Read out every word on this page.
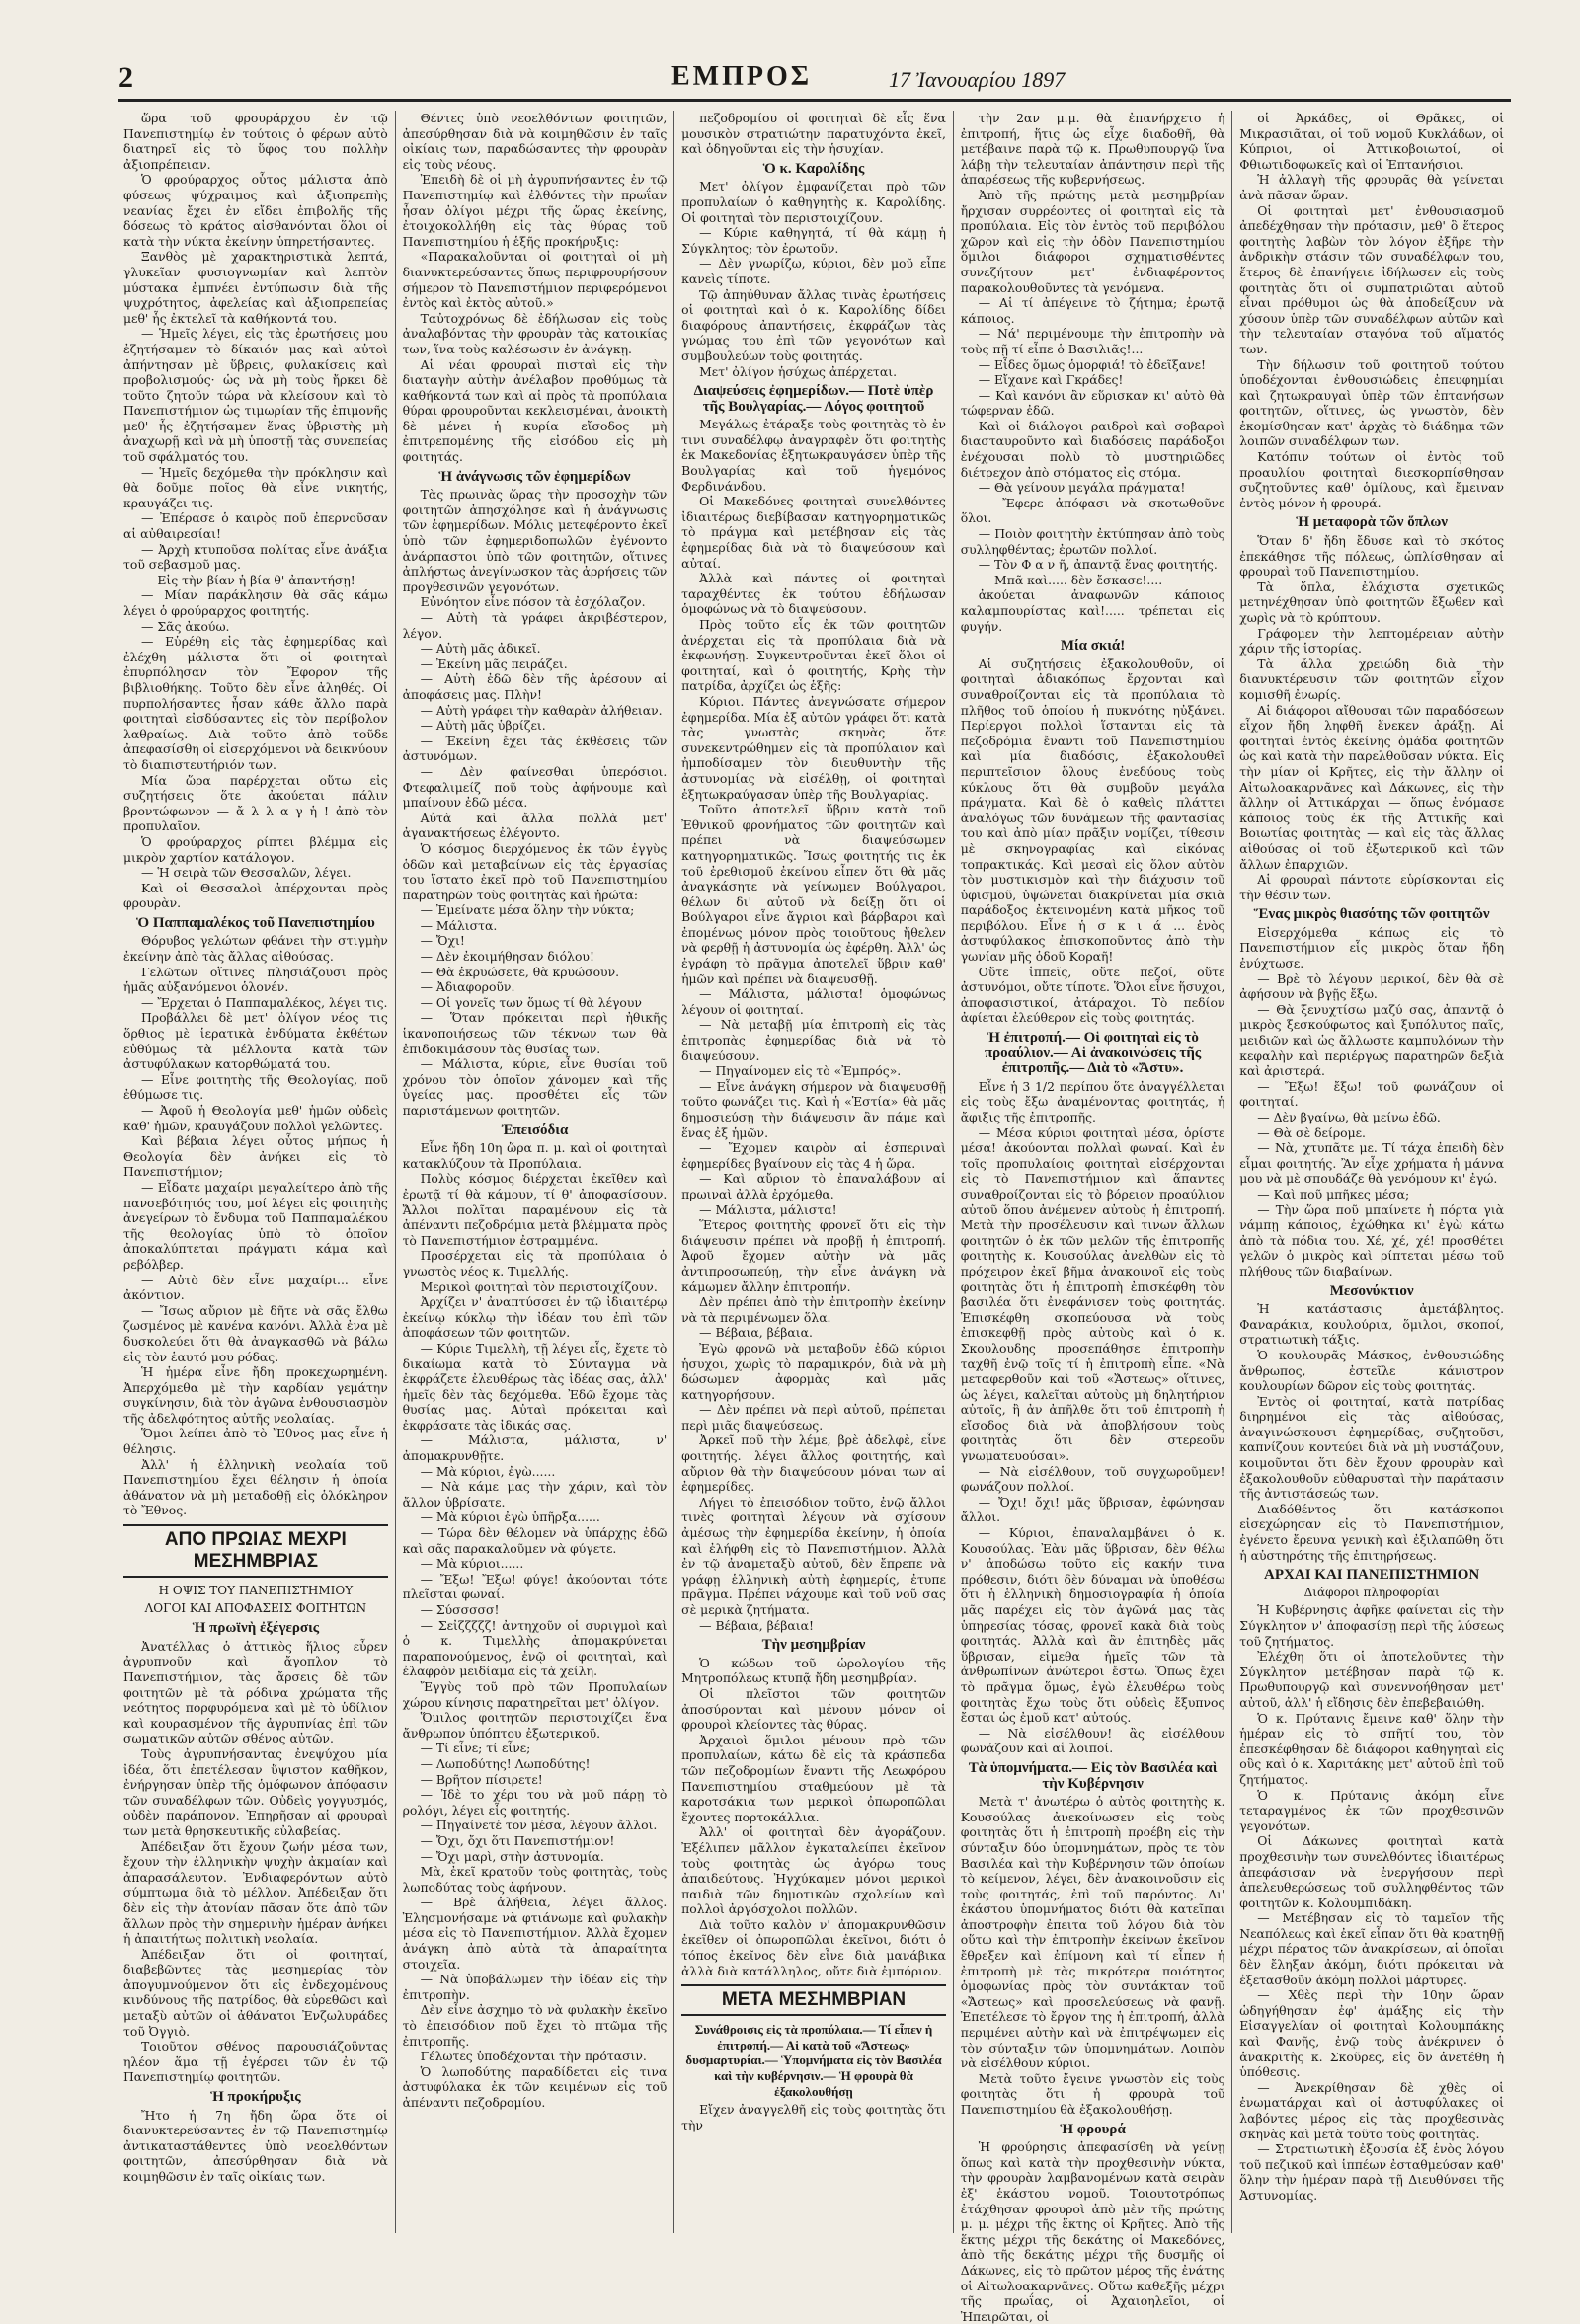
2	ΕΜΠΡΟΣ	17 Ἰανουαρίου 1897

ὥρα τοῦ φρουράρχου ἐν τῷ Πανεπιστημίῳ ἐν τούτοις ὁ φέρων αὐτὸ διατηρεῖ εἰς τὸ ὕφος του πολλὴν ἀξιοπρέπειαν.

Ὁ φρούραρχος οὗτος μάλιστα ἀπὸ φύσεως ψύχραιμος καὶ ἀξιοπρεπὴς νεανίας ἔχει ἐν εἴδει ἐπιβολῆς τῆς δόσεως τὸ κράτος αἰσθανόνται ὅλοι οἱ κατὰ τὴν νύκτα ἐκείνην ὑπηρετήσαντες.

Ξανθὸς μὲ χαρακτηριστικὰ λεπτά, γλυκεῖαν φυσιογνωμίαν καὶ λεπτὸν μύστακα ἐμπνέει ἐντύπωσιν διὰ τῆς ψυχρότητος, ἀφελείας καὶ ἀξιοπρεπείας μεθ' ἧς ἐκτελεῖ τὰ καθήκοντά του.

— Ἡμεῖς λέγει, εἰς τὰς ἐρωτήσεις μου ἐζητήσαμεν τὸ δίκαιόν μας καὶ αὐτοὶ ἀπήντησαν μὲ ὕβρεις, φυλακίσεις καὶ προβολισμούς· ὡς νὰ μὴ τοὺς ἤρκει δὲ τοῦτο ζητοῦν τώρα νὰ κλείσουν καὶ τὸ Πανεπιστήμιον ὡς τιμωρίαν τῆς ἐπιμονῆς μεθ' ἧς ἐζητήσαμεν ἕνας ὑβριστὴς μὴ ἀναχωρῇ καὶ νὰ μὴ ὑποστῇ τὰς συνεπείας τοῦ σφάλματός του.

— Ἡμεῖς δεχόμεθα τὴν πρόκλησιν καὶ θὰ δοῦμε ποῖος θὰ εἶνε νικητής, κραυγάζει τις.

— Ἐπέρασε ὁ καιρὸς ποῦ ἐπερνοῦσαν αἱ αὐθαιρεσίαι!

— Ἀρχὴ κτυποῦσα πολίτας εἶνε ἀνάξια τοῦ σεβασμοῦ μας.

— Εἰς τὴν βίαν ἡ βία θ' ἀπαντήσῃ!

— Μίαν παράκλησιν θὰ σᾶς κάμω λέγει ὁ φρούραρχος φοιτητής.

— Σᾶς ἀκούω.

— Εὑρέθη εἰς τὰς ἐφημερίδας καὶ ἐλέχθη μάλιστα ὅτι οἱ φοιτηταὶ ἐπυρπόλησαν τὸν Ἔφορον τῆς βιβλιοθήκης. Τοῦτο δὲν εἶνε ἀληθές. Οἱ πυρπολήσαντες ἦσαν κάθε ἄλλο παρὰ φοιτηταὶ εἰσδύσαντες εἰς τὸν περίβολον λαθραίως. Διὰ τοῦτο ἀπὸ τοῦδε ἀπεφασίσθη οἱ εἰσερχόμενοι νὰ δεικνύουν τὸ διαπιστευτήριόν των.

Μία ὥρα παρέρχεται οὕτω εἰς συζητήσεις ὅτε ἀκούεται πάλιν βροντώφωνον — ἄ λ λ α γ ἡ ! ἀπὸ τὸν προπυλαῖον.

Ὁ φρούραρχος ρίπτει βλέμμα εἰς μικρὸν χαρτίον κατάλογον.

— Ἡ σειρὰ τῶν Θεσσαλῶν, λέγει.

Καὶ οἱ Θεσσαλοὶ ἀπέρχονται πρὸς φρουρὰν.

Ὁ Παππαμαλέκος τοῦ Πανεπιστημίου

Θόρυβος γελώτων φθάνει τὴν στιγμὴν ἐκείνην ἀπὸ τὰς ἄλλας αἰθούσας.

Γελῶτων οἵτινες πλησιάζουσι πρὸς ἡμᾶς αὐξανόμενοι ὁλονέν.

— Ἔρχεται ὁ Παππαμαλέκος, λέγει τις.

Προβάλλει δὲ μετ' ὀλίγον νέος τις ὅρθιος μὲ ἱερατικὰ ἐνδύματα ἐκθέτων εὐθύμως τὰ μέλλοντα κατὰ τῶν ἀστυφύλακων κατορθώματά του.

— Εἶνε φοιτητὴς τῆς Θεολογίας, ποῦ ἐθύμωσε τις.

— Ἀφοῦ ἡ Θεολογία μεθ' ἡμῶν οὐδεὶς καθ' ἡμῶν, κραυγάζουν πολλοὶ γελῶντες.

Καὶ βέβαια λέγει οὗτος μήπως ἡ Θεολογία δὲν ἀνήκει εἰς τὸ Πανεπιστήμιον;

— Εἶδατε μαχαίρι μεγαλείτερο ἀπὸ τῆς πανσεβότητός του, μοί λέγει εἰς φοιτητὴς ἀνεγείρων τὸ ἔνδυμα τοῦ Παππαμαλέκου τῆς θεολογίας ὑπὸ τὸ ὁποῖον ἀποκαλύπτεται πράγματι κάμα καὶ ρεβόλβερ.

— Αὐτὸ δὲν εἶνε μαχαίρι... εἶνε ἀκόντιον.

— Ἴσως αὔριον μὲ δῆτε νὰ σᾶς ἔλθω ζωσμένος μὲ κανένα κανόνι. Ἀλλὰ ἐνα μὲ δυσκολεύει ὅτι θὰ ἀναγκασθῶ νὰ βάλω εἰς τὸν ἑαυτό μου ρόδας.

Ἡ ἡμέρα εἶνε ἤδη προκεχωρημένη. Ἀπερχόμεθα μὲ τὴν καρδίαν γεμάτην συγκίνησιν, διὰ τὸν ἀγῶνα ἐνθουσιασμὸν τῆς ἀδελφότητος αὐτῆς νεολαίας.

Ὅμοι λείπει ἀπὸ τὸ Ἔθνος μας εἶνε ἡ θέλησις.

Ἀλλ' ἡ ἑλληνικὴ νεολαία τοῦ Πανεπιστημίου ἔχει θέλησιν ἡ ὁποία ἀθάνατον νὰ μὴ μεταδοθῇ εἰς ὁλόκληρον τὸ Ἔθνος.

ΑΠΟ ΠΡΩΙΑΣ ΜΕΧΡΙ ΜΕΣΗΜΒΡΙΑΣ
Η ΟΨΙΣ ΤΟΥ ΠΑΝΕΠΙΣΤΗΜΙΟΥ
ΛΟΓΟΙ ΚΑΙ ΑΠΟΦΑΣΕΙΣ ΦΟΙΤΗΤΩΝ
Ἡ πρωϊνὴ ἐξέγερσις

Ἀνατέλλας ὁ ἀττικὸς ἥλιος εὗρεν ἀγρυπνοῦν καὶ ἄγοπλον τὸ Πανεπιστήμιον, τὰς ἄρσεις δὲ τῶν φοιτητῶν μὲ τὰ ρόδινα χρώματα τῆς νεότητος πορφυρόμενα καὶ μὲ τὸ ὑδίλιον καὶ κουρασμένον τῆς ἀγρυπνίας ἐπὶ τῶν σωματικῶν αὐτῶν σθένος αὐτῶν.

Τοὺς ἀγρυπνήσαντας ἐνεψύχου μία ἰδέα, ὅτι ἐπετέλεσαν ὕψιστον καθῆκον, ἐνήργησαν ὑπὲρ τῆς ὁμόφωνον ἀπόφασιν τῶν συναδέλφων τῶν. Οὐδεὶς γογγυσμός, οὐδὲν παράπονον. Ἐπηρῆσαν αἱ φρουραὶ των μετὰ θρησκευτικῆς εὐλαβείας.

Ἀπέδειξαν ὅτι ἔχουν ζωήν μέσα των, ἔχουν τὴν ἑλληνικὴν ψυχὴν ἀκμαίαν καὶ ἀπαρασάλευτον. Ἐνδιαφερόντων αὐτὸ σύμπτωμα διὰ τὸ μέλλον. Ἀπέδειξαν ὅτι δὲν εἰς τὴν ἀτονίαν πᾶσαν ὅτε ἀπὸ τῶν ἄλλων πρὸς τὴν σημερινὴν ἡμέραν ἀνήκει ἡ ἀπαιτήτως πολιτικὴ νεολαία.

Ἀπέδειξαν ὅτι οἱ φοιτηταί, διαβεβῶντες τὰς μεσημερίας τὸν ἀπογυμνούμενον ὅτι εἰς ἐνδεχομένους κινδύνους τῆς πατρίδος, θὰ εὑρεθῶσι καὶ μεταξὺ αὐτῶν οἱ ἀθάνατοι Ἐνζωλυράδες τοῦ Ὀγγιὸ.

Τοιοῦτον σθένος παρουσιάζοῦντας ηλέον ἅμα τῇ ἐγέρσει τῶν ἐν τῷ Πανεπιστημίῳ φοιτητῶν.

Ἡ προκήρυξις

Ἤτο ἡ 7η ἤδη ὥρα ὅτε οἱ διανυκτερεύσαντες ἐν τῷ Πανεπιστημίῳ ἀντικαταστάθεντες ὑπὸ νεοελθόντων φοιτητῶν, ἀπεσύρθησαν διὰ νὰ κοιμηθῶσιν ἐν ταῖς οἰκίαις των.

Θέντες ὑπὸ νεοελθόντων φοιτητῶν, ἀπεσύρθησαν διὰ νὰ κοιμηθῶσιν ἐν ταῖς οἰκίαις των, παραδώσαντες τὴν φρουρὰν εἰς τοὺς νέους.

Ἐπειδὴ δὲ οἱ μὴ ἀγρυπνήσαντες ἐν τῷ Πανεπιστημίῳ καὶ ἐλθόντες τὴν πρωΐαν ἦσαν ὀλίγοι μέχρι τῆς ὥρας ἐκείνης, ἐτοιχοκολλήθη εἰς τὰς θύρας τοῦ Πανεπιστημίου ἡ ἑξῆς προκήρυξις:

«Παρακαλοῦνται οἱ φοιτηταὶ οἱ μὴ διανυκτερεύσαντες ὅπως περιφρουρήσουν σήμερον τὸ Πανεπιστήμιον περιφερόμενοι ἐντὸς καὶ ἐκτὸς αὐτοῦ.»

Ταὐτοχρόνως δὲ ἐδήλωσαν εἰς τοὺς ἀναλαβόντας τὴν φρουρὰν τὰς κατοικίας των, ἵνα τοὺς καλέσωσιν ἐν ἀνάγκῃ.

Αἱ νέαι φρουραὶ πισταὶ εἰς τὴν διαταγὴν αὐτὴν ἀνέλαβον προθύμως τὰ καθήκοντά των καὶ αἱ πρὸς τὰ προπύλαια θύραι φρουροῦνται κεκλεισμέναι, ἀνοικτὴ δὲ μένει ἡ κυρία εἴσοδος μὴ ἐπιτρεπομένης τῆς εἰσόδου εἰς μὴ φοιτητάς.

Ἡ ἀνάγνωσις τῶν ἐφημερίδων

Τὰς πρωινὰς ὥρας τὴν προσοχὴν τῶν φοιτητῶν ἀπησχόλησε καὶ ἡ ἀνάγνωσις τῶν ἐφημερίδων. Μόλις μετεφέροντο ἐκεῖ ὑπὸ τῶν ἐφημεριδοπωλῶν ἐγένοντο ἀνάρπαστοι ὑπὸ τῶν φοιτητῶν, οἵτινες ἀπλήστως ἀνεγίνωσκον τὰς ἀρρήσεις τῶν προγθεσινῶν γεγονότων.

Εὐνόητον εἶνε πόσον τὰ ἐσχόλαζον.

— Αὐτὴ τὰ γράφει ἀκριβέστερον, λέγον.

— Αὐτὴ μᾶς ἀδικεῖ.

— Ἐκείνη μᾶς πειράζει.

— Αὐτὴ ἐδῶ δὲν τῆς ἀρέσουν αἱ ἀποφάσεις μας. Πλὴν!

— Αὐτὴ γράφει τὴν καθαρὰν ἀλήθειαν.

— Αὐτὴ μᾶς ὑβρίζει.

— Ἐκείνη ἔχει τὰς ἐκθέσεις τῶν ἀστυνόμων.

— Δὲν φαίνεσθαι ὑπερόσιοι. Φτεφαλιμείζ ποῦ τοὺς ἀφήνουμε καὶ μπαίνουν ἐδῶ μέσα.

Αὐτὰ καὶ ἄλλα πολλὰ μετ' ἀγανακτήσεως ἐλέγοντο.

Ὁ κόσμος διερχόμενος ἐκ τῶν ἐγγὺς ὁδῶν καὶ μεταβαίνων εἰς τὰς ἐργασίας του ἵστατο ἐκεῖ πρὸ τοῦ Πανεπιστημίου παρατηρῶν τοὺς φοιτητὰς καὶ ἠρώτα:

— Ἐμείνατε μέσα ὅλην τὴν νύκτα;

— Μάλιστα.

— Ὄχι!

— Δὲν ἐκοιμήθησαν διόλου!

— Θὰ ἐκρυώσετε, θὰ κρυώσουν.

— Ἀδιαφοροῦν.

— Οἱ γονεῖς των ὅμως τί θὰ λέγουν

— Ὅταν πρόκειται περὶ ἠθικῆς ἱκανοποιήσεως τῶν τέκνων των θὰ ἐπιδοκιμάσουν τὰς θυσίας των.

— Μάλιστα, κύριε, εἶνε θυσίαι τοῦ χρόνου τὸν ὁποῖον χάνομεν καὶ τῆς ὑγείας μας. προσθέτει εἷς τῶν παριστάμενων φοιτητῶν.

Ἐπεισόδια

Εἶνε ἤδη 10η ὥρα π. μ. καὶ οἱ φοιτηταὶ κατακλύζουν τὰ Προπύλαια.

Πολὺς κόσμος διέρχεται ἐκεῖθεν καὶ ἐρωτᾷ τί θὰ κάμουν, τί θ' ἀποφασίσουν. Ἄλλοι πολῖται παραμένουν εἰς τὰ ἀπέναντι πεζοδρόμια μετὰ βλέμματα πρὸς τὸ Πανεπιστήμιον ἐστραμμένα.

Προσέρχεται εἰς τὰ προπύλαια ὁ γνωστὸς νέος κ. Τιμελλής.

Μερικοὶ φοιτηταὶ τὸν περιστοιχίζουν.

Ἀρχίζει ν' ἀναπτύσσει ἐν τῷ ἰδιαιτέρῳ ἐκείνῳ κύκλῳ τὴν ἰδέαν του ἐπὶ τῶν ἀποφάσεων τῶν φοιτητῶν.

— Κύριε Τιμελλὴ, τῇ λέγει εἷς, ἔχετε τὸ δικαίωμα κατὰ τὸ Σύνταγμα νὰ ἐκφράζετε ἐλευθέρως τὰς ἰδέας σας, ἀλλ' ἡμεῖς δὲν τὰς δεχόμεθα. Ἐδῶ ἔχομε τὰς θυσίας μας. Αὐταὶ πρόκειται καὶ ἐκφράσατε τὰς ἰδικάς σας.

— Μάλιστα, μάλιστα, ν' ἀπομακρυνθῇτε.

— Μὰ κύριοι, ἐγὼ......

— Νὰ κάμε μας τὴν χάριν, καὶ τὸν ἄλλον ὑβρίσατε.

— Μὰ κύριοι ἐγὼ ὑπῆρξα......

— Τώρα δὲν θέλομεν νὰ ὑπάρχῃς ἐδῶ καὶ σᾶς παρακαλοῦμεν νὰ φύγετε.

— Μὰ κύριοι......

— Ἔξω! Ἔξω! φύγε! ἀκούονται τότε πλεῖσται φωναί.

— Σύσσσσσ!

— Σεἰζζζζζ! ἀντηχοῦν οἱ συριγμοὶ καὶ ὁ κ. Τιμελλὴς ἀπομακρύνεται παραπονούμενος, ἐνῷ οἱ φοιτηταὶ, καὶ ἐλαφρὸν μειδίαμα εἰς τὰ χείλη.

Ἔγγὺς τοῦ πρὸ τῶν Προπυλαίων χώρου κίνησις παρατηρεῖται μετ' ὀλίγον.

Ὅμιλος φοιτητῶν περιστοιχίζει ἕνα ἄνθρωπον ὑπόπτου ἐξωτερικοῦ.

— Τί εἶνε; τί εἶνε;

— Λωποδύτης! Λωποδύτης!

— Βρῆτον πίσιρετε!

— Ἰδὲ το χέρι του νὰ μοῦ πάρῃ τὸ ρολόγι, λέγει εἷς φοιτητής.

— Πηγαίνετέ τον μέσα, λέγουν ἄλλοι.

— Ὄχι, ὄχι ὅτι Πανεπιστήμιον!

— Ὄχι μαρὶ, στὴν ἀστυνομία.

Μὰ, ἐκεῖ κρατοῦν τοὺς φοιτητὰς, τοὺς λωποδύτας τοὺς ἀφήνουν.

— Βρὲ ἀλήθεια, λέγει ἄλλος. Ἐλησμονήσαμε νὰ φτιάνωμε καὶ φυλακὴν μέσα εἰς τὸ Πανεπιστήμιον. Ἀλλὰ ἔχομεν ἀνάγκη ἀπὸ αὐτὰ τὰ ἀπαραίτητα στοιχεῖα.

— Νὰ ὑποβάλωμεν τὴν ἰδέαν εἰς τὴν ἐπιτροπὴν.

Δὲν εἶνε ἀσχημο τὸ νὰ φυλακὴν ἐκεῖνο τὸ ἐπεισόδιον ποῦ ἔχει τὸ πτῶμα τῆς ἐπιτροπῆς.

Γέλωτες ὑποδέχονται τὴν πρότασιν.

Ὁ λωποδύτης παραδίδεται εἰς τινα ἀστυφύλακα ἐκ τῶν κειμένων εἰς τοῦ ἀπέναντι πεζοδρομίου.

πεζοδρομίου οἱ φοιτηταὶ δὲ εἷς ἕνα μουσικὸν στρατιώτην παρατυχόντα ἐκεῖ, καὶ ὁδηγοῦνται εἰς τὴν ἡσυχίαν.

Ὁ κ. Καρολίδης

Μετ' ὀλίγον ἐμφανίζεται πρὸ τῶν προπυλαίων ὁ καθηγητὴς κ. Καρολίδης. Οἱ φοιτηταὶ τὸν περιστοιχίζουν.

— Κύριε καθηγητά, τί θὰ κάμῃ ἡ Σύγκλητος; τὸν ἐρωτοῦν.

— Δὲν γνωρίζω, κύριοι, δὲν μοῦ εἶπε κανεὶς τίποτε.

Τῷ ἀπηύθυναν ἄλλας τινὰς ἐρωτήσεις οἱ φοιτηταὶ καὶ ὁ κ. Καρολίδης δίδει διαφόρους ἀπαντήσεις, ἐκφράζων τὰς γνώμας του ἐπὶ τῶν γεγονότων καὶ συμβουλεύων τοὺς φοιτητάς.

Μετ' ὀλίγον ἡσύχως ἀπέρχεται.

Διαψεύσεις ἐφημερίδων.— Ποτὲ ὑπὲρ τῆς Βουλγαρίας.— Λόγος φοιτητοῦ

Μεγάλως ἐτάραξε τοὺς φοιτητὰς τὸ ἐν τινι συναδέλφῳ ἀναγραφὲν ὅτι φοιτητὴς ἐκ Μακεδονίας ἐξητωκραυγάσεν ὑπὲρ τῆς Βουλγαρίας καὶ τοῦ ἡγεμόνος Φερδινάνδου.

Οἱ Μακεδόνες φοιτηταὶ συνελθόντες ἰδιαιτέρως διεβίβασαν κατηγορηματικῶς τὸ πράγμα καὶ μετέβησαν εἰς τὰς ἐφημερίδας διὰ νὰ τὸ διαψεύσουν καὶ αὐταί.

Ἀλλὰ καὶ πάντες οἱ φοιτηταὶ ταραχθέντες ἐκ τούτου ἐδήλωσαν ὁμοφώνως νὰ τὸ διαψεύσουν.

Πρὸς τοῦτο εἷς ἐκ τῶν φοιτητῶν ἀνέρχεται εἰς τὰ προπύλαια διὰ νὰ ἐκφωνήσῃ. Συγκεντροῦνται ἐκεῖ ὅλοι οἱ φοιτηταί, καὶ ὁ φοιτητής, Κρὴς τὴν πατρίδα, ἀρχίζει ὡς ἑξῆς:

Κύριοι. Πάντες ἀνεγνώσατε σήμερον ἐφημερίδα. Μία ἐξ αὐτῶν γράφει ὅτι κατὰ τὰς γνωστὰς σκηνὰς ὅτε συνεκεντρώθημεν εἰς τὰ προπύλαιον καὶ ἠμποδίσαμεν τὸν διευθυντὴν τῆς ἀστυνομίας νὰ εἰσέλθῃ, οἱ φοιτηταὶ ἐξητωκραύγασαν ὑπὲρ τῆς Βουλγαρίας.

Τοῦτο ἀποτελεῖ ὕβριν κατὰ τοῦ Ἐθνικοῦ φρονήματος τῶν φοιτητῶν καὶ πρέπει νὰ διαψεύσωμεν κατηγορηματικῶς. Ἴσως φοιτητής τις ἐκ τοῦ ἐρεθισμοῦ ἐκείνου εἶπεν ὅτι θὰ μᾶς ἀναγκάσητε νὰ γείνωμεν Βούλγαροι, θέλων δι' αὐτοῦ νὰ δείξῃ ὅτι οἱ Βούλγαροι εἶνε ἄγριοι καὶ βάρβαροι καὶ ἐπομένως μόνον πρὸς τοιοῦτους ἤθελεν νὰ φερθῇ ἡ ἀστυνομία ὡς ἐφέρθη. Ἀλλ' ὡς ἐγράφη τὸ πρᾶγμα ἀποτελεῖ ὕβριν καθ' ἡμῶν καὶ πρέπει νὰ διαψευσθῇ.

— Μάλιστα, μάλιστα! ὁμοφώνως λέγουν οἱ φοιτηταί.

— Νὰ μεταβῇ μία ἐπιτροπὴ εἰς τὰς ἐπιτροπὰς ἐφημερίδας διὰ νὰ τὸ διαψεύσουν.

— Πηγαίνομεν εἰς τὸ «Ἐμπρός».

— Εἶνε ἀνάγκη σήμερον νὰ διαψευσθῇ τοῦτο φωνάζει τις. Καὶ ἡ «Ἑστία» θὰ μᾶς δημοσιεύσῃ τὴν διάψευσιν ἂν πάμε καὶ ἕνας ἐξ ἡμῶν.

— Ἔχομεν καιρὸν αἱ ἑσπεριναὶ ἐφημερίδες βγαίνουν εἰς τὰς 4 ἡ ὥρα.

— Καὶ αὔριον τὸ ἐπαναλάβουν αἱ πρωιναὶ ἀλλὰ ἐρχόμεθα.

— Μάλιστα, μάλιστα!

Ἕτερος φοιτητὴς φρονεῖ ὅτι εἰς τὴν διάψευσιν πρέπει νὰ προβῇ ἡ ἐπιτροπή. Ἀφοῦ ἔχομεν αὐτὴν νὰ μᾶς ἀντιπροσωπεύῃ, τὴν εἶνε ἀνάγκη νὰ κάμωμεν ἄλλην ἐπιτροπήν.

Δὲν πρέπει ἀπὸ τὴν ἐπιτροπὴν ἐκείνην νὰ τὰ περιμένωμεν ὅλα.

— Βέβαια, βέβαια.

Ἐγὼ φρονῶ νὰ μεταβοῦν ἐδῶ κύριοι ἡσυχοι, χωρὶς τὸ παραμικρόν, διὰ νὰ μὴ δώσωμεν ἀφορμὰς καὶ μᾶς κατηγορήσουν.

— Δὲν πρέπει νὰ περὶ αὐτοῦ, πρέπεται περὶ μιᾶς διαψεύσεως.

Ἀρκεῖ ποῦ τὴν λέμε, βρὲ ἀδελφὲ, εἶνε φοιτητής. λέγει ἄλλος φοιτητής, καὶ αὔριον θὰ τὴν διαψεύσουν μόναι των αἱ ἐφημερίδες.

Λήγει τὸ ἐπεισόδιον τοῦτο, ἐνῷ ἄλλοι τινὲς φοιτηταὶ λέγουν νὰ σχίσουν ἀμέσως τὴν ἐφημερίδα ἐκείνην, ἡ ὁποία καὶ ἐλήφθη εἰς τὸ Πανεπιστήμιον. Ἀλλὰ ἐν τῷ ἀναμεταξὺ αὐτοῦ, δὲν ἔπρεπε νὰ γράφῃ ἑλληνικὴ αὐτὴ ἐφημερίς, ἐτυπε πρᾶγμα. Πρέπει νάχουμε καὶ τοῦ νοῦ σας σὲ μερικὰ ζητήματα.

— Βέβαια, βέβαια!

Τὴν μεσημβρίαν

Ὁ κώδων τοῦ ὡρολογίου τῆς Μητροπόλεως κτυπᾷ ἤδη μεσημβρίαν.

Οἱ πλεῖστοι τῶν φοιτητῶν ἀποσύρονται καὶ μένουν μόνον οἱ φρουροὶ κλείοντες τὰς θύρας.

Ἀρχαιοὶ ὅμιλοι μένουν πρὸ τῶν προπυλαίων, κάτω δὲ εἰς τὰ κράσπεδα τῶν πεζοδρομίων ἔναντι τῆς Λεωφόρου Πανεπιστημίου σταθμεύουν μὲ τὰ καροτσάκια των μερικοὶ ὀπωροπῶλαι ἔχοντες πορτοκάλλια.

Ἀλλ' οἱ φοιτηταὶ δὲν ἀγοράζουν. Ἐξέλιπεν μᾶλλον ἐγκαταλείπει ἐκεῖνον τοὺς φοιτητὰς ὡς ἀγόρω τους ἀπαιδεύτους. Ἠγχύκαμεν μόνοι μερικοὶ παιδιὰ τῶν δημοτικῶν σχολείων καὶ πολλοὶ ἀργόσχολοι πολλῶν.

Διὰ τοῦτο καλὸν ν' ἀπομακρυνθῶσιν ἐκεῖθεν οἱ ὀπωροπῶλαι ἐκεῖνοι, διότι ὁ τόπος ἐκεῖνος δὲν εἶνε διὰ μανάβικα ἀλλὰ διὰ κατάλληλος, οὔτε διὰ ἐμπόριον.

ΜΕΤΑ ΜΕΣΗΜΒΡΙΑΝ
Συνάθροισις εἰς τὰ προπύλαια.— Τί εἶπεν ἡ ἐπιτροπή.— Αἱ κατὰ τοῦ «Ἄστεως» δυσμαρτυρίαι.— Ὑπομνήματα εἰς τὸν Βασιλέα καὶ τὴν κυβέρνησιν.— Ἡ φρουρὰ θὰ ἐξακολουθήσῃ

Εἴχεν ἀναγγελθῆ εἰς τοὺς φοιτητὰς ὅτι τὴν

τὴν 2αν μ.μ. θὰ ἐπανήρχετο ἡ ἐπιτροπή, ἥτις ὡς εἶχε διαδοθῆ, θὰ μετέβαινε παρὰ τῷ κ. Πρωθυπουργῷ ἵνα λάβῃ τὴν τελευταίαν ἀπάντησιν περὶ τῆς ἀπαρέσεως τῆς κυβερνήσεως.

Ἀπὸ τῆς πρώτης μετὰ μεσημβρίαν ἤρχισαν συρρέοντες οἱ φοιτηταὶ εἰς τὰ προπύλαια. Εἰς τὸν ἐντὸς τοῦ περιβόλου χῶρον καὶ εἰς τὴν ὁδὸν Πανεπιστημίου ὅμιλοι διάφοροι σχηματισθέντες συνεζήτουν μετ' ἐνδιαφέροντος παρακολουθοῦντες τὰ γενόμενα.

— Αἱ τί ἀπέγεινε τὸ ζήτημα; ἐρωτᾷ κάποιος.

— Νά' περιμένουμε τὴν ἐπιτροπὴν νὰ τοὺς πῇ τί εἶπε ὁ Βασιλιᾶς!...

— Εἶδες ὅμως ὁμορφιά! τὸ ἐδεῖξανε!

— Εἴχανε καὶ Γκράδες!

— Καὶ κανόνι ἂν εὕρισκαν κι' αὐτὸ θὰ τώφερναν ἐδῶ.

Καὶ οἱ διάλογοι ραιδροὶ καὶ σοβαροὶ διασταυροῦντο καὶ διαδόσεις παράδοξοι ἐνέχουσαι πολὺ τὸ μυστηριῶδες διέτρεχον ἀπὸ στόματος εἰς στόμα.

— Θὰ γείνουν μεγάλα πράγματα!

— Ἔφερε ἀπόφασι νὰ σκοτωθοῦνε ὅλοι.

— Ποιὸν φοιτητὴν ἐκτύπησαν ἀπὸ τοὺς συλληφθέντας; ἐρωτῶν πολλοί.

— Τὸν Φ α ν ῆ, ἀπαντᾷ ἕνας φοιτητής.

— Μπᾶ καὶ..... δὲν ἔσκασε!....

ἀκούεται ἀναφωνῶν κάποιος καλαμπουρίστας καὶ!..... τρέπεται εἰς φυγήν.

Μία σκιά!

Αἱ συζητήσεις ἐξακολουθοῦν, οἱ φοιτηταὶ ἀδιακόπως ἔρχονται καὶ συναθροίζονται εἰς τὰ προπύλαια τὸ πλῆθος τοῦ ὁποίου ἡ πυκνότης ηὐξάνει. Περίεργοι πολλοὶ ἵστανται εἰς τὰ πεζοδρόμια ἔναντι τοῦ Πανεπιστημίου καὶ μία διαδόσις, ἐξακολουθεῖ περιπτεῖσιον ὅλους ἐνεδύους τοὺς κύκλους ὅτι θὰ συμβοῦν μεγάλα πράγματα. Καὶ δὲ ὁ καθεὶς πλάττει ἀναλόγως τῶν δυνάμεων τῆς φαντασίας του καὶ ἀπὸ μίαν πρᾶξιν νομίζει, τίθεσιν μὲ σκηνογραφίας καὶ εἰκόνας τοπρακτικάς. Καὶ μεσαὶ εἰς ὅλον αὐτὸν τὸν μυστικισμὸν καὶ τὴν διάχυσιν τοῦ ὑφισμοῦ, ὑψώνεται διακρίνεται μία σκιὰ παράδοξος ἐκτεινομένη κατὰ μῆκος τοῦ περιβόλου. Εἶνε ἡ σ κ ι ά ... ἑνὸς ἀστυφύλακος ἐπισκοποῦντος ἀπὸ τὴν γωνίαν μῆς ὁδοῦ Κοραῆ!

Οὔτε ἱππεῖς, οὔτε πεζοί, οὔτε ἀστυνόμοι, οὔτε τίποτε. Ὅλοι εἶνε ἥσυχοι, ἀποφασιστικοί, ἀτάραχοι. Τὸ πεδίον ἀφίεται ἐλεύθερον εἰς τοὺς φοιτητάς.

Ἡ ἐπιτροπή.— Οἱ φοιτηταὶ εἰς τὸ προαύλιον.— Αἱ ἀνακοινώσεις τῆς ἐπιτροπῆς.— Διὰ τὸ «Ἄστυ».

Εἶνε ἡ 3 1/2 περίπου ὅτε ἀναγγέλλεται εἰς τοὺς ἔξω ἀναμένοντας φοιτητάς, ἡ ἄφιξις τῆς ἐπιτροπῆς.

— Μέσα κύριοι φοιτηταὶ μέσα, ὁρίστε μέσα! ἀκούονται πολλαὶ φωναί. Καὶ ἐν τοῖς προπυλαίοις φοιτηταὶ εἰσέρχονται εἰς τὸ Πανεπιστήμιον καὶ ἅπαντες συναθροίζονται εἰς τὸ βόρειον προαύλιον αὐτοῦ ὅπου ἀνέμενεν αὐτοὺς ἡ ἐπιτροπή. Μετὰ τὴν προσέλευσιν καὶ τινων ἄλλων φοιτητῶν ὁ ἐκ τῶν μελῶν τῆς ἐπιτροπῆς φοιτητὴς κ. Κουσούλας ἀνελθὼν εἰς τὸ πρόχειρον ἐκεῖ βῆμα ἀνακοινοῖ εἰς τοὺς φοιτητὰς ὅτι ἡ ἐπιτροπὴ ἐπισκέφθη τὸν βασιλέα ὅτι ἐνεφάνισεν τοὺς φοιτητάς. Ἐπισκέφθη σκοπεύουσα νὰ τοὺς ἐπισκεφθῇ πρὸς αὐτοὺς καὶ ὁ κ. Σκουλουδης προσεπάθησε ἐπιτροπὴν ταχθῆ ἐνῷ τοῖς τί ἡ ἐπιτροπὴ εἶπε. «Νὰ μεταφερθοῦν καὶ τοῦ «Ἄστεως» οἵτινες, ὡς λέγει, καλεῖται αὐτοὺς μὴ δηλητήριον αὐτοῖς, ἢ ἀν ἀπῆλθε ὅτι τοῦ ἐπιτροπὴ ἡ εἴσοδος διὰ νὰ ἀποβλήσουν τοὺς φοιτητὰς ὅτι δὲν στερεοῦν γνωματευούσαι».

— Νὰ εἰσέλθουν, τοῦ συγχωροῦμεν! φωνάζουν πολλοί.

— Ὄχι! ὄχι! μᾶς ὕβρισαν, ἐφώνησαν ἄλλοι.

— Κύριοι, ἐπαναλαμβάνει ὁ κ. Κουσούλας. Ἐὰν μᾶς ὕβρισαν, δὲν θέλω ν' ἀποδώσω τοῦτο εἰς κακήν τινα πρόθεσιν, διότι δὲν δύναμαι νὰ ὑποθέσω ὅτι ἡ ἑλληνικὴ δημοσιογραφία ἡ ὁποία μᾶς παρέχει εἰς τὸν ἀγῶνά μας τὰς ὑπηρεσίας τόσας, φρονεῖ κακὰ διὰ τοὺς φοιτητάς. Ἀλλὰ καὶ ἂν ἐπιτηδὲς μᾶς ὕβρισαν, εἰμεθα ἡμεῖς τῶν τὰ ἀνθρωπίνων ἀνώτεροι ἔστω. Ὅπως ἔχει τὸ πρᾶγμα ὅμως, ἐγὼ ἐλευθέρω τοὺς φοιτητὰς ἔχω τοὺς ὅτι οὐδεὶς ἔξυπνος ἔσται ὡς ἐμοῦ κατ' αὐτούς.

— Νὰ εἰσέλθουν! ἂς εἰσέλθουν φωνάζουν καὶ αἱ λοιποί.

Τὰ ὑπομνήματα.— Εἰς τὸν Βασιλέα καὶ τὴν Κυβέρνησιν

Μετὰ τ' ἀνωτέρω ὁ αὐτὸς φοιτητὴς κ. Κουσούλας ἀνεκοίνωσεν εἰς τοὺς φοιτητὰς ὅτι ἡ ἐπιτροπὴ προέβη εἰς τὴν σύνταξιν δύο ὑπομνημάτων, πρὸς τε τὸν Βασιλέα καὶ τὴν Κυβέρνησιν τῶν ὁποίων τὸ κείμενον, λέγει, δὲν ἀνακοινοῦσιν εἰς τοὺς φοιτητάς, ἐπὶ τοῦ παρόντος. Δι' ἐκάστου ὑπομνήματος διότι θὰ κατεῖπαι ἀποστροφὴν ἐπειτα τοῦ λόγου διὰ τὸν οὕτω καὶ τὴν ἐπιτροπὴν ἐκείνων ἐκεῖνον ἔθρεξεν καὶ ἐπίμονη καὶ τί εἶπεν ἡ ἐπιτροπὴ μὲ τὰς πικρότερα ποιότητος ὁμοφωνίας πρὸς τὸν συντάκταν τοῦ «Ἄστεως» καὶ προσελεύσεως νὰ φανῇ. Ἐπετέλεσε τὸ ἔργον της ἡ ἐπιτροπή, ἀλλὰ περιμένει αὐτὴν καὶ νὰ ἐπιτρέψωμεν εἰς τὸν σύνταξιν τῶν ὑπομνημάτων. Λοιπὸν νὰ εἰσέλθουν κύριοι.

Μετὰ τοῦτο ἔγεινε γνωστὸν εἰς τοὺς φοιτητὰς ὅτι ἡ φρουρὰ τοῦ Πανεπιστημίου θὰ ἐξακολουθήσῃ.

Ἡ φρουρά

Ἡ φρούρησις ἀπεφασίσθη νὰ γείνῃ ὅπως καὶ κατὰ τὴν προχθεσινὴν νύκτα, τὴν φρουρὰν λαμβανομένων κατὰ σειρὰν ἐξ' ἑκάστου νομοῦ. Τοιουτοτρόπως ἐτάχθησαν φρουροὶ ἀπὸ μὲν τῆς πρώτης μ. μ. μέχρι τῆς ἕκτης οἱ Κρῆτες. Ἀπὸ τῆς ἕκτης μέχρι τῆς δεκάτης οἱ Μακεδόνες, ἀπὸ τῆς δεκάτης μέχρι τῆς δυσμῆς οἱ Δάκωνες, εἰς τὸ πρῶτον μέρος τῆς ἐνάτης οἱ Αἰτωλοακαρνᾶνες. Οὕτω καθεξῆς μέχρι τῆς πρωΐας, οἱ Ἀχαιοηλεῖοι, οἱ Ἠπειρῶται, οἱ

οἱ Ἀρκάδες, οἱ Θρᾶκες, οἱ Μικρασιᾶται, οἱ τοῦ νομοῦ Κυκλάδων, οἱ Κύπριοι, οἱ Ἀττικοβοιωτοί, οἱ Φθιωτιδοφωκεῖς καὶ οἱ Ἑπτανήσιοι.

Ἡ ἀλλαγὴ τῆς φρουρᾶς θὰ γείνεται ἀνὰ πᾶσαν ὥραν.

Οἱ φοιτηταὶ μετ' ἐνθουσιασμοῦ ἀπεδέχθησαν τὴν πρότασιν, μεθ' ὃ ἕτερος φοιτητὴς λαβὼν τὸν λόγον ἐξῆρε τὴν ἀνδρικὴν στάσιν τῶν συναδέλφων του, ἕτερος δὲ ἐπανήγειε ἰδήλωσεν εἰς τοὺς φοιτητὰς ὅτι οἱ συμπατριῶται αὐτοῦ εἶναι πρόθυμοι ὡς θὰ ἀποδείξουν νὰ χύσουν ὑπὲρ τῶν συναδέλφων αὐτῶν καὶ τὴν τελευταίαν σταγόνα τοῦ αἵματός των.

Τὴν δήλωσιν τοῦ φοιτητοῦ τούτου ὑποδέχονται ἐνθουσιώδεις ἐπευφημίαι καὶ ζητωκραυγαὶ ὑπὲρ τῶν ἐπτανήσων φοιτητῶν, οἵτινες, ὡς γνωστὸν, δὲν ἐκομίσθησαν κατ' ἀρχὰς τὸ διάδημα τῶν λοιπῶν συναδέλφων των.

Κατόπιν τούτων οἱ ἐντὸς τοῦ προαυλίου φοιτηταὶ διεσκορπίσθησαν συζητοῦντες καθ' ὁμίλους, καὶ ἔμειναν ἐντὸς μόνον ἡ φρουρά.

Ἡ μεταφορὰ τῶν ὅπλων

Ὅταν δ' ἤδη ἔδυσε καὶ τὸ σκότος ἐπεκάθησε τῆς πόλεως, ὡπλίσθησαν αἱ φρουραὶ τοῦ Πανεπιστημίου.

Τὰ ὅπλα, ἐλάχιστα σχετικῶς μετηνέχθησαν ὑπὸ φοιτητῶν ἔξωθεν καὶ χωρὶς νὰ τὸ κρύπτουν.

Γράφομεν τὴν λεπτομέρειαν αὐτὴν χάριν τῆς ἱστορίας.

Τὰ ἄλλα χρειώδη διὰ τὴν διανυκτέρευσιν τῶν φοιτητῶν εἶχον κομισθῆ ἐνωρίς.

Αἱ διάφοροι αἴθουσαι τῶν παραδόσεων εἶχον ἤδη ληφθῆ ἕνεκεν ἀράξῃ. Αἱ φοιτηταὶ ἐντὸς ἐκείνης ὁμάδα φοιτητῶν ὡς καὶ κατὰ τὴν παρελθοῦσαν νύκτα. Εἰς τὴν μίαν οἱ Κρῆτες, εἰς τὴν ἄλλην οἱ Αἰτωλοακαρνᾶνες καὶ Δάκωνες, εἰς τὴν ἄλλην οἱ Ἀττικάρχαι — ὅπως ἐνόμασε κάποιος τοὺς ἐκ τῆς Ἀττικῆς καὶ Βοιωτίας φοιτητὰς — καὶ εἰς τὰς ἄλλας αἰθούσας οἱ τοῦ ἐξωτερικοῦ καὶ τῶν ἄλλων ἐπαρχιῶν.

Αἱ φρουραὶ πάντοτε εὑρίσκονται εἰς τὴν θέσιν των.

Ἕνας μικρὸς θιασότης τῶν φοιτητῶν

Εἰσερχόμεθα κάπως εἰς τὸ Πανεπιστήμιον εἷς μικρὸς ὅταν ἤδη ἐνύχτωσε.

— Βρὲ τὸ λέγουν μερικοί, δὲν θὰ σὲ ἀφήσουν νὰ βγῇς ἔξω.

— Θὰ ξενυχτίσω μαζύ σας, ἀπαντᾷ ὁ μικρὸς ξεσκούφωτος καὶ ξυπόλυτος παῖς, μειδιῶν καὶ ὡς ἄλλωστε καμπυλόνων τὴν κεφαλὴν καὶ περιέργως παρατηρῶν δεξιὰ καὶ ἀριστερά.

— Ἔξω! ἔξω! τοῦ φωνάζουν οἱ φοιτηταί.

— Δὲν βγαίνω, θὰ μείνω ἐδῶ.

— Θὰ σὲ δείρομε.

— Νὰ, χτυπᾶτε με. Τί τάχα ἐπειδὴ δὲν εἶμαι φοιτητής. Ἂν εἶχε χρήματα ἡ μάννα μου νὰ μὲ σπουδάζε θὰ γενόμουν κι' ἐγώ.

— Καὶ ποῦ μπῆκες μέσα;

— Τὴν ὥρα ποῦ μπαίνετε ἡ πόρτα γιὰ νάμπῃ κάποιος, ἐχώθηκα κι' ἐγὼ κάτω ἀπὸ τὰ πόδια του. Χέ, χέ, χέ! προσθέτει γελῶν ὁ μικρὸς καὶ ρίπτεται μέσω τοῦ πλήθους τῶν διαβαίνων.

Μεσονύκτιον

Ἡ κατάστασις ἀμετάβλητος. Φαναράκια, κουλούρια, ὅμιλοι, σκοποί, στρατιωτικὴ τάξις.

Ὁ κουλουρᾶς Μάσκος, ἐνθουσιώδης ἄνθρωπος, ἐστεῖλε κάνιστρον κουλουρίων δῶρον εἰς τοὺς φοιτητάς.

Ἐντὸς οἱ φοιτηταί, κατὰ πατρίδας διηρημένοι εἰς τὰς αἰθούσας, ἀναγινώσκουσι ἐφημερίδας, συζητοῦσι, καπνίζουν κοντεύει διὰ νὰ μὴ νυστάζουν, κοιμοῦνται ὅτι δὲν ἔχουν φρουρὰν καὶ ἐξακολουθοῦν εὐθαρυσταὶ τὴν παράτασιν τῆς ἀντιστάσεώς των.

Διαδόθέντος ὅτι κατάσκοποι εἰσεχώρησαν εἰς τὸ Πανεπιστήμιον, ἐγένετο ἔρευνα γενικὴ καὶ ἐξιλαπῶθη ὅτι ἡ αὐστηρότης τῆς ἐπιτηρήσεως.

ΑΡΧΑΙ ΚΑΙ ΠΑΝΕΠΙΣΤΗΜΙΟΝ
Διάφοροι πληροφορίαι

Ἡ Κυβέρνησις ἀφῆκε φαίνεται εἰς τὴν Σύγκλητον ν' ἀποφασίσῃ περὶ τῆς λύσεως τοῦ ζητήματος.

Ἐλέχθη ὅτι οἱ ἀποτελοῦντες τὴν Σύγκλητον μετέβησαν παρὰ τῷ κ. Πρωθυπουργῷ καὶ συνεννοήθησαν μετ' αὐτοῦ, ἀλλ' ἡ εἴδησις δὲν ἐπεβεβαιώθη.

Ὁ κ. Πρύτανις ἔμεινε καθ' ὅλην τὴν ἡμέραν εἰς τὸ σπῆτί του, τὸν ἐπεσκέφθησαν δὲ διάφοροι καθηγηταὶ εἰς οὓς καὶ ὁ κ. Χαριτάκης μετ' αὐτοῦ ἐπὶ τοῦ ζητήματος.

Ὁ κ. Πρύτανις ἀκόμη εἶνε τεταραγμένος ἐκ τῶν προχθεσινῶν γεγονότων.

Οἱ Δάκωνες φοιτηταὶ κατὰ προχθεσινὴν των συνελθόντες ἰδιαιτέρως ἀπεφάσισαν νὰ ἐνεργήσουν περὶ ἀπελευθερώσεως τοῦ συλληφθέντος τῶν φοιτητῶν κ. Κολουμπιδάκη.

— Μετέβησαν εἰς τὸ ταμεῖον τῆς Νεαπόλεως καὶ ἐκεῖ εἶπαν ὅτι θὰ κρατηθῇ μέχρι πέρατος τῶν ἀνακρίσεων, αἱ ὁποῖαι δὲν ἔληξαν ἀκόμη, διότι πρόκειται νὰ ἐξετασθοῦν ἀκόμη πολλοὶ μάρτυρες.

— Χθὲς περὶ τὴν 10ην ὥραν ὡδηγήθησαν ἐφ' ἁμάξης εἰς τὴν Εἰσαγγελίαν οἱ φοιτηταὶ Κολουμπάκης καὶ Φανῆς, ἐνῷ τοὺς ἀνέκρινεν ὁ ἀνακριτὴς κ. Σκοῦρες, εἰς ὃν ἀνετέθη ἡ ὑπόθεσις.

— Ἀνεκρίθησαν δὲ χθὲς οἱ ἐνωματάρχαι καὶ οἱ ἀστυφύλακες οἱ λαβόντες μέρος εἰς τὰς προχθεσινὰς σκηνὰς καὶ μετὰ τοῦτο τοὺς φοιτητὰς.

— Στρατιωτικὴ ἐξουσία ἐξ ἑνὸς λόγου τοῦ πεζικοῦ καὶ ἱππέων ἐσταθμεύσαν καθ' ὅλην τὴν ἡμέραν παρὰ τῇ Διευθύνσει τῆς Ἀστυνομίας.
